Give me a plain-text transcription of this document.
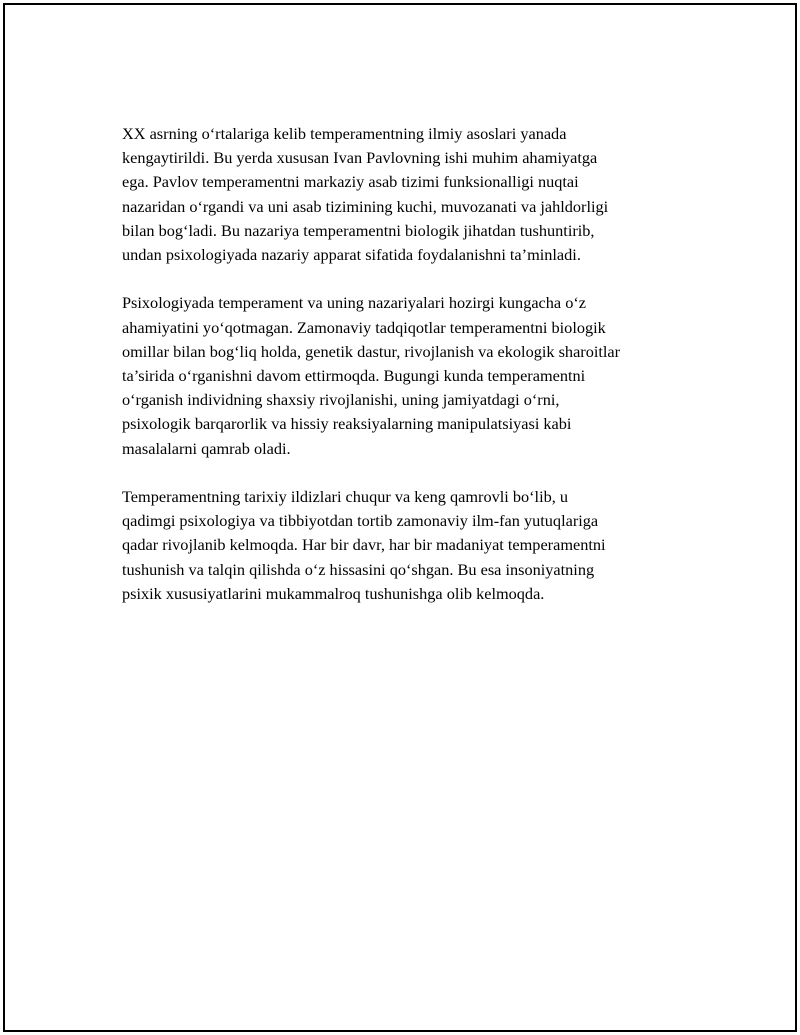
XX asrning o‘rtalariga kelib temperamentning ilmiy asoslari yanada
kengaytirildi. Bu yerda xususan Ivan Pavlovning ishi muhim ahamiyatga
ega. Pavlov temperamentni markaziy asab tizimi funksionalligi nuqtai
nazaridan o‘rgandi va uni asab tizimining kuchi, muvozanati va jahldorligi
bilan bog‘ladi. Bu nazariya temperamentni biologik jihatdan tushuntirib,
undan psixologiyada nazariy apparat sifatida foydalanishni ta’minladi.

Psixologiyada temperament va uning nazariyalari hozirgi kungacha o‘z
ahamiyatini yo‘qotmagan. Zamonaviy tadqiqotlar temperamentni biologik
omillar bilan bog‘liq holda, genetik dastur, rivojlanish va ekologik sharoitlar
ta’sirida o‘rganishni davom ettirmoqda. Bugungi kunda temperamentni
o‘rganish individning shaxsiy rivojlanishi, uning jamiyatdagi o‘rni,
psixologik barqarorlik va hissiy reaksiyalarning manipulatsiyasi kabi
masalalarni qamrab oladi.

Temperamentning tarixiy ildizlari chuqur va keng qamrovli bo‘lib, u
qadimgi psixologiya va tibbiyotdan tortib zamonaviy ilm-fan yutuqlariga
qadar rivojlanib kelmoqda. Har bir davr, har bir madaniyat temperamentni
tushunish va talqin qilishda o‘z hissasini qo‘shgan. Bu esa insoniyatning
psixik xususiyatlarini mukammalroq tushunishga olib kelmoqda.
